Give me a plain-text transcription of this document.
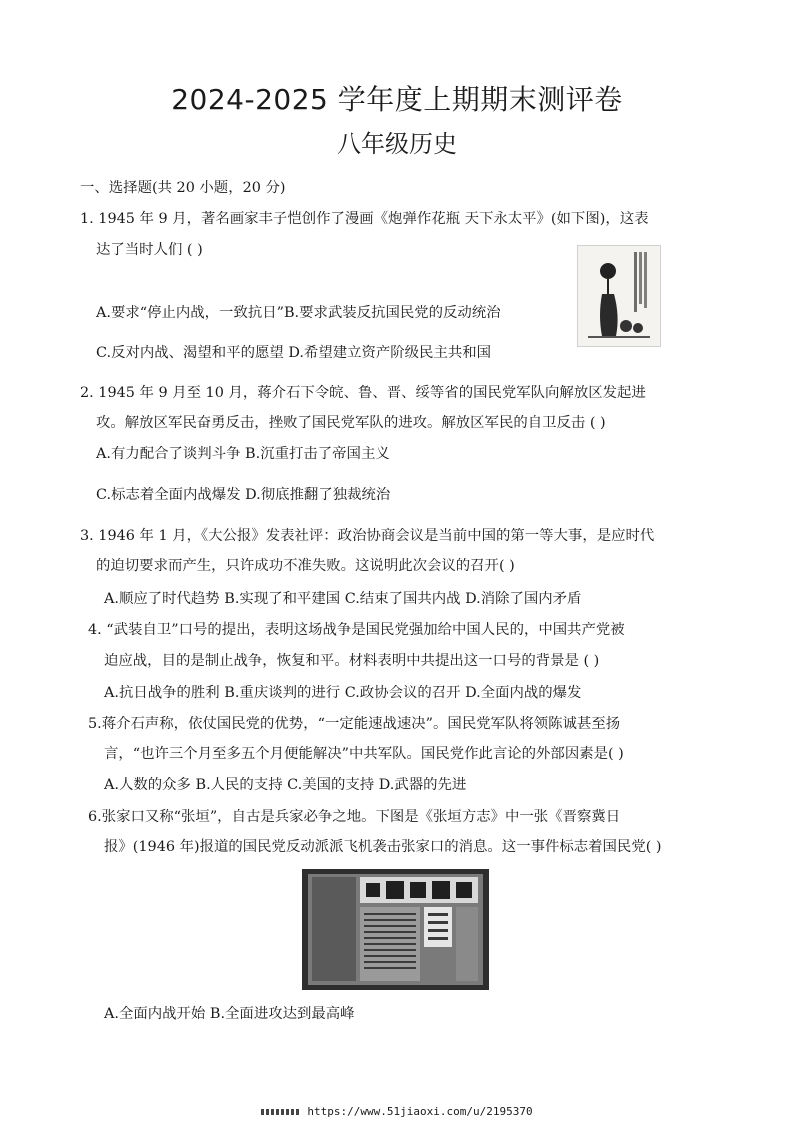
2024-2025 学年度上期期末测评卷
八年级历史
一、选择题(共 20 小题，20 分)
1. 1945 年 9 月，著名画家丰子恺创作了漫画《炮弹作花瓶 天下永太平》(如下图)，这表
达了当时人们 ( )
A.要求“停止内战，一致抗日”B.要求武装反抗国民党的反动统治
C.反对内战、渴望和平的愿望 D.希望建立资产阶级民主共和国
2. 1945 年 9 月至 10 月，蒋介石下令皖、鲁、晋、绥等省的国民党军队向解放区发起进
攻。解放区军民奋勇反击，挫败了国民党军队的进攻。解放区军民的自卫反击 ( )
A.有力配合了谈判斗争 B.沉重打击了帝国主义
C.标志着全面内战爆发 D.彻底推翻了独裁统治
3. 1946 年 1 月，《大公报》发表社评：政治协商会议是当前中国的第一等大事，是应时代
的迫切要求而产生，只许成功不准失败。这说明此次会议的召开( )
A.顺应了时代趋势 B.实现了和平建国 C.结束了国共内战 D.消除了国内矛盾
4. “武装自卫”口号的提出，表明这场战争是国民党强加给中国人民的，中国共产党被
迫应战，目的是制止战争，恢复和平。材料表明中共提出这一口号的背景是 ( )
A.抗日战争的胜利 B.重庆谈判的进行 C.政协会议的召开 D.全面内战的爆发
5.蒋介石声称，依仗国民党的优势，“一定能速战速决”。国民党军队将领陈诚甚至扬
言，“也许三个月至多五个月便能解决”中共军队。国民党作此言论的外部因素是( )
A.人数的众多 B.人民的支持 C.美国的支持 D.武器的先进
6.张家口又称“张垣”，自古是兵家必争之地。下图是《张垣方志》中一张《晋察冀日
报》(1946 年)报道的国民党反动派派飞机袭击张家口的消息。这一事件标志着国民党( )
A.全面内战开始 B.全面进攻达到最高峰
https://www.51jiaoxi.com/u/2195370
